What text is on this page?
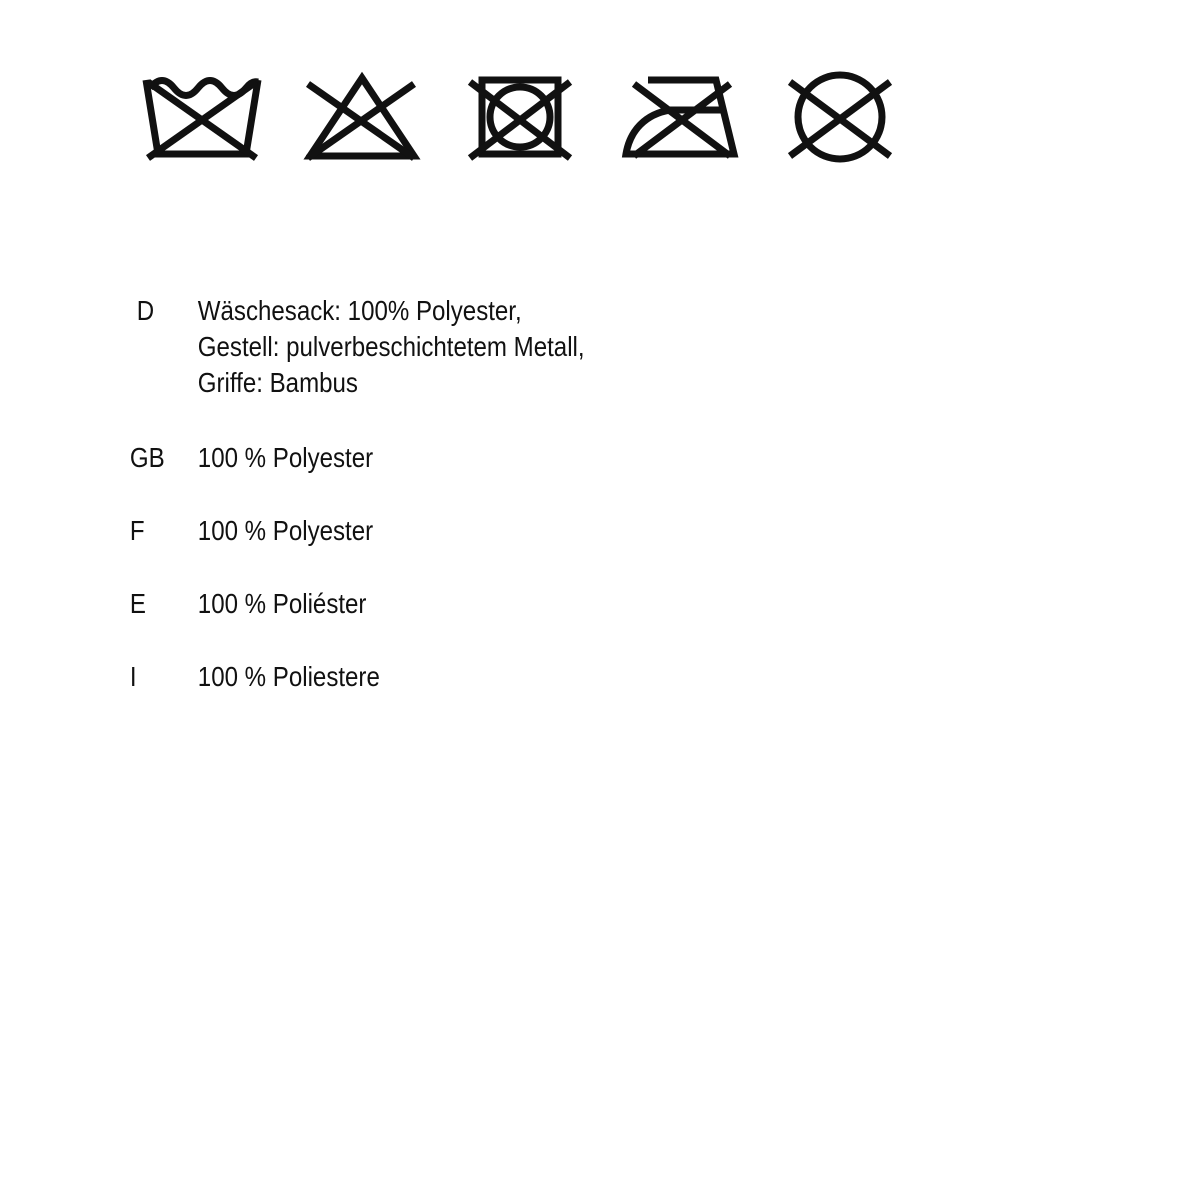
D Wäschesack: 100% Polyester,
Gestell: pulverbeschichtetem Metall,
Griffe: Bambus
GB 100 % Polyester
F 100 % Polyester
E 100 % Poliéster
I 100 % Poliestere
